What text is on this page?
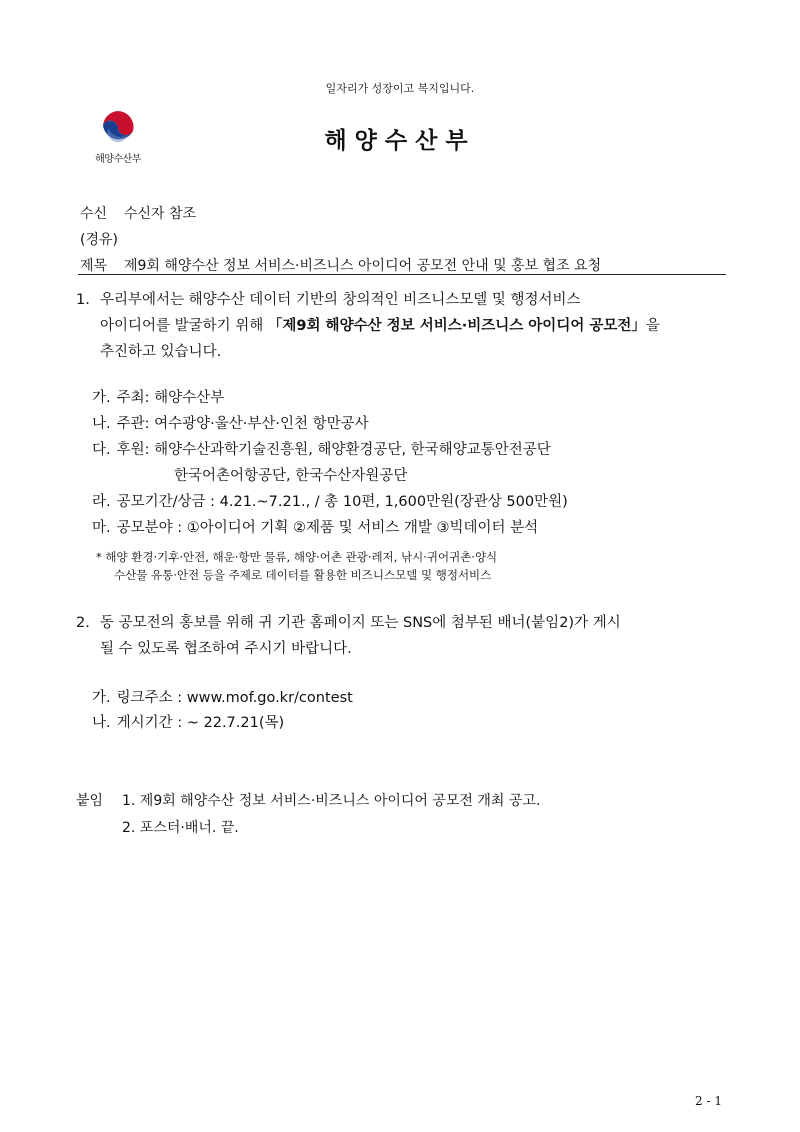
일자리가 성장이고 복지입니다.
해양수산부
해양수산부
수신 수신자 참조
(경유)
제목 제9회 해양수산 정보 서비스·비즈니스 아이디어 공모전 안내 및 홍보 협조 요청
1. 우리부에서는 해양수산 데이터 기반의 창의적인 비즈니스모델 및 행정서비스
아이디어를 발굴하기 위해 「제9회 해양수산 정보 서비스·비즈니스 아이디어 공모전」을
추진하고 있습니다.
가. 주최: 해양수산부
나. 주관: 여수광양·울산·부산·인천 항만공사
다. 후원: 해양수산과학기술진흥원, 해양환경공단, 한국해양교통안전공단
한국어촌어항공단, 한국수산자원공단
라. 공모기간/상금 : 4.21.~7.21., / 총 10편, 1,600만원(장관상 500만원)
마. 공모분야 : ①아이디어 기획 ②제품 및 서비스 개발 ③빅데이터 분석
* 해양 환경·기후·안전, 해운·항만 물류, 해양·어촌 관광·레저, 낚시·귀어귀촌·양식
수산물 유통·안전 등을 주제로 데이터를 활용한 비즈니스모델 및 행정서비스
2. 동 공모전의 홍보를 위해 귀 기관 홈페이지 또는 SNS에 첨부된 배너(붙임2)가 게시
될 수 있도록 협조하여 주시기 바랍니다.
가. 링크주소 : www.mof.go.kr/contest
나. 게시기간 : ~ 22.7.21(목)
붙임 1. 제9회 해양수산 정보 서비스·비즈니스 아이디어 공모전 개최 공고.
2. 포스터·배너. 끝.
2 - 1
